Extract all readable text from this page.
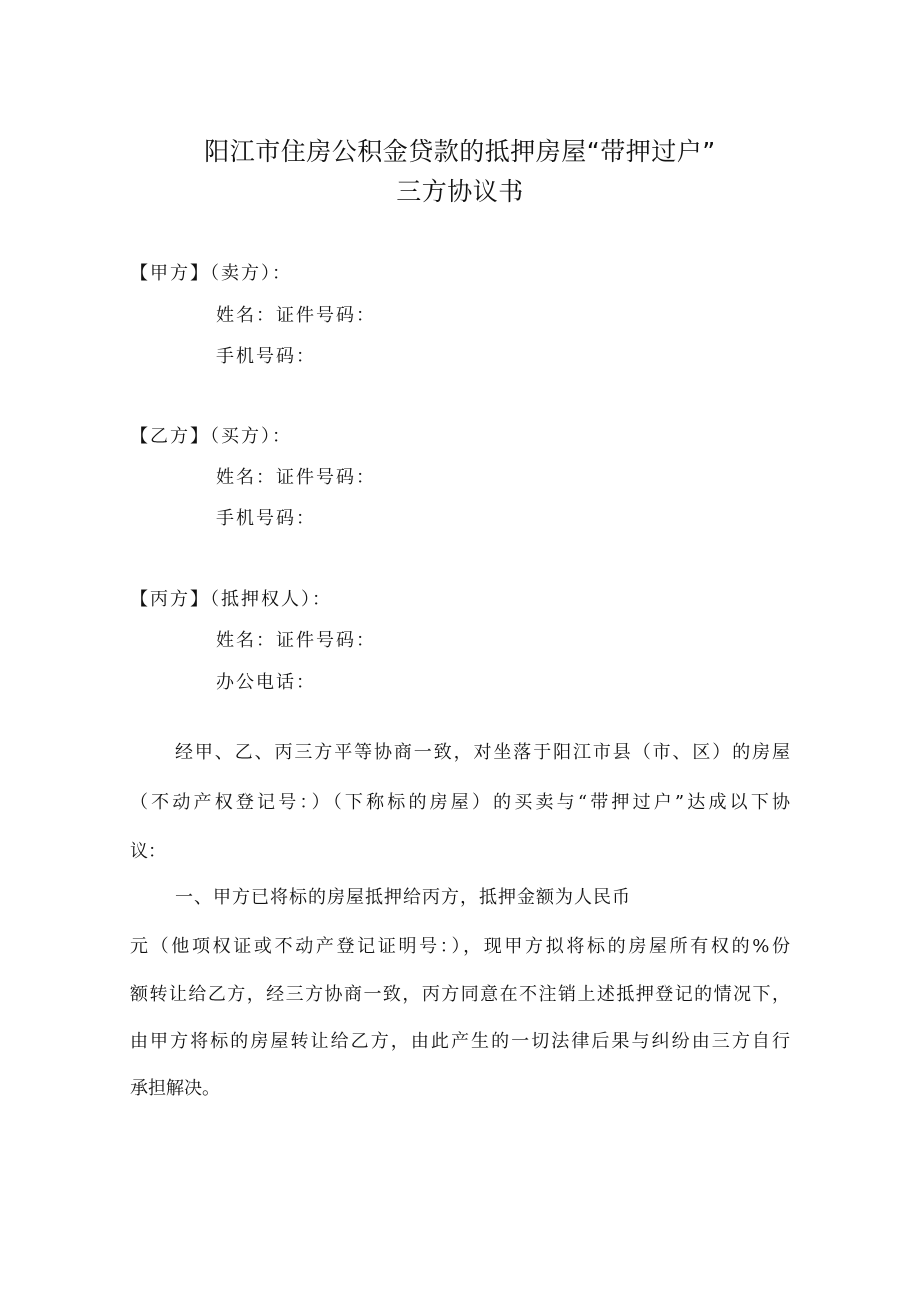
阳江市住房公积金贷款的抵押房屋“带押过户”
三方协议书
【甲方】（卖方）：
姓名：证件号码：
手机号码：
【乙方】（买方）：
姓名：证件号码：
手机号码：
【丙方】（抵押权人）：
姓名：证件号码：
办公电话：
经甲、乙、丙三方平等协商一致，对坐落于阳江市县（市、区）的房屋
（不动产权登记号：）（下称标的房屋）的买卖与“带押过户”达成以下协
议：
一、甲方已将标的房屋抵押给丙方，抵押金额为人民币
元（他项权证或不动产登记证明号：），现甲方拟将标的房屋所有权的%份
额转让给乙方，经三方协商一致，丙方同意在不注销上述抵押登记的情况下，
由甲方将标的房屋转让给乙方，由此产生的一切法律后果与纠纷由三方自行
承担解决。
